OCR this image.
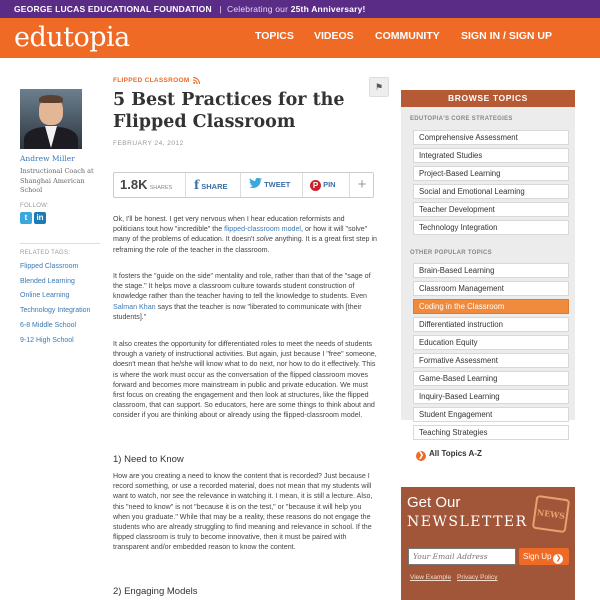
GEORGE LUCAS EDUCATIONAL FOUNDATION   |  Celebrating our 25th Anniversary!
edutopia	TOPICS VIDEOS COMMUNITY SIGN IN / SIGN UP
Andrew Miller
Instructional Coach at Shanghai American School
FOLLOW:
t	in
RELATED TAGS:
Flipped Classroom
Blended Learning
Online Learning
Technology Integration
6-8 Middle School
9-12 High School
FLIPPED CLASSROOM
⚑
5 Best Practices for the Flipped Classroom
FEBRUARY 24, 2012
1.8K SHARES	f SHARE	TWEET	P PIN	+

Ok, I'll be honest. I get very nervous when I hear education reformists and politicians tout how "incredible" the flipped-classroom model, or how it will "solve" many of the problems of education. It doesn't solve anything. It is a great first step in reframing the role of the teacher in the classroom.

It fosters the "guide on the side" mentality and role, rather than that of the "sage of the stage." It helps move a classroom culture towards student construction of knowledge rather than the teacher having to tell the knowledge to students. Even Salman Khan says that the teacher is now "liberated to communicate with [their students]."

It also creates the opportunity for differentiated roles to meet the needs of students through a variety of instructional activities. But again, just because I "free" someone, doesn't mean that he/she will know what to do next, nor how to do it effectively. This is where the work must occur as the conversation of the flipped classroom moves forward and becomes more mainstream in public and private education. We must first focus on creating the engagement and then look at structures, like the flipped classroom, that can support. So educators, here are some things to think about and consider if you are thinking about or already using the flipped-classroom model.

1) Need to Know

How are you creating a need to know the content that is recorded? Just because I record something, or use a recorded material, does not mean that my students will want to watch, nor see the relevance in watching it. I mean, it is still a lecture. Also, this "need to know" is not "because it is on the test," or "because it will help you when you graduate." While that may be a reality, these reasons do not engage the students who are already struggling to find meaning and relevance in school. If the flipped classroom is truly to become innovative, then it must be paired with transparent and/or embedded reason to know the content.

2) Engaging Models
BROWSE TOPICS
EDUTOPIA'S CORE STRATEGIES
Comprehensive Assessment
Integrated Studies
Project-Based Learning
Social and Emotional Learning
Teacher Development
Technology Integration
OTHER POPULAR TOPICS
Brain-Based Learning
Classroom Management
Coding in the Classroom
Differentiated instruction
Education Equity
Formative Assessment
Game-Based Learning
Inquiry-Based Learning
Student Engagement
Teaching Strategies
❯ All Topics A-Z
Get Our
NEWSLETTER
NEWS
Your Email Address
Sign Up ❯
View Example Privacy Policy
